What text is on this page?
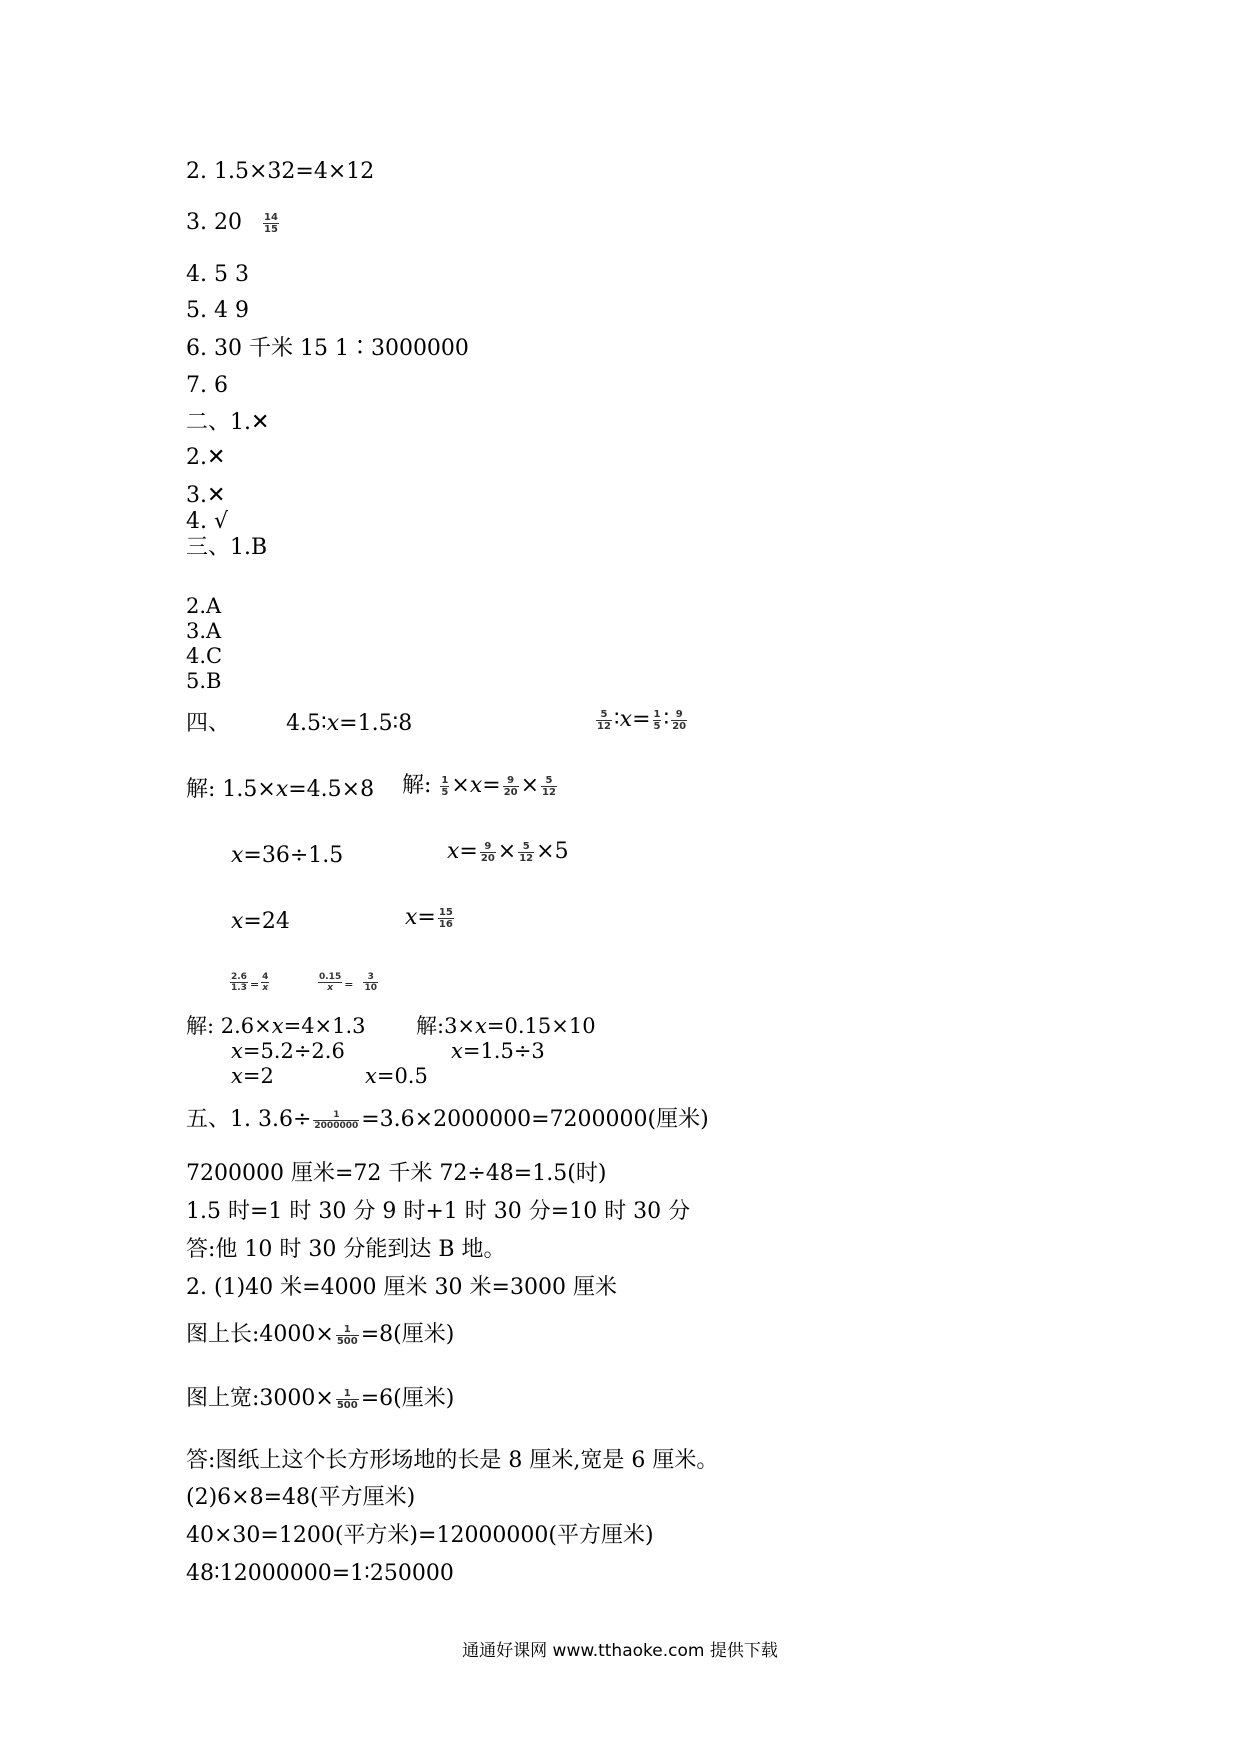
2. 1.5×32=4×12
3. $20 \frac{14}{15}$
4. 5 3
5. 4 9
6. 30 千米 15 1∶3000000
7. 6
二、1.✕
2.✕
3.✕
4. √
三、1.B
2.A
3.A
4.C
5.B
四、	4.5∶x=1.5∶8	$\frac{5}{12}$ ∶x= $\frac{1}{5}$ ∶ $\frac{9}{20}$
解: 1.5×x=4.5×8 解: $\frac{1}{5} \times x= \frac{9}{20} \times \frac{5}{12}$
x=36÷1.5	$x= \frac{9}{20} \times \frac{5}{12} \times 5$
x=24	$x= \frac{15}{16}$
$\frac{2.6}{1.3} = \frac{4}{x}$	$\frac{0.15}{x} = \frac{3}{10}$
解: 2.6×x=4×1.3 解:3×x=0.15×10
x=5.2÷2.6	x=1.5÷3
x=2	x=0.5
五、1. $3.6\div \frac{1}{2000000} =3.6\times 2000000=7200000$(厘米)
7200000 厘米=72 千米 72÷48=1.5(时)
1.5 时=1 时 30 分 9 时+1 时 30 分=10 时 30 分
答:他 10 时 30 分能到达 B 地。
2. (1)40 米=4000 厘米 30 米=3000 厘米
图上长:4000× $\frac{1}{500} =8$(厘米)
图上宽:3000× $\frac{1}{500} =6$(厘米)
答:图纸上这个长方形场地的长是 8 厘米,宽是 6 厘米。
(2)6×8=48(平方厘米)
40×30=1200(平方米)=12000000(平方厘米)
48∶12000000=1∶250000
通通好课网 www.tthaoke.com 提供下载
